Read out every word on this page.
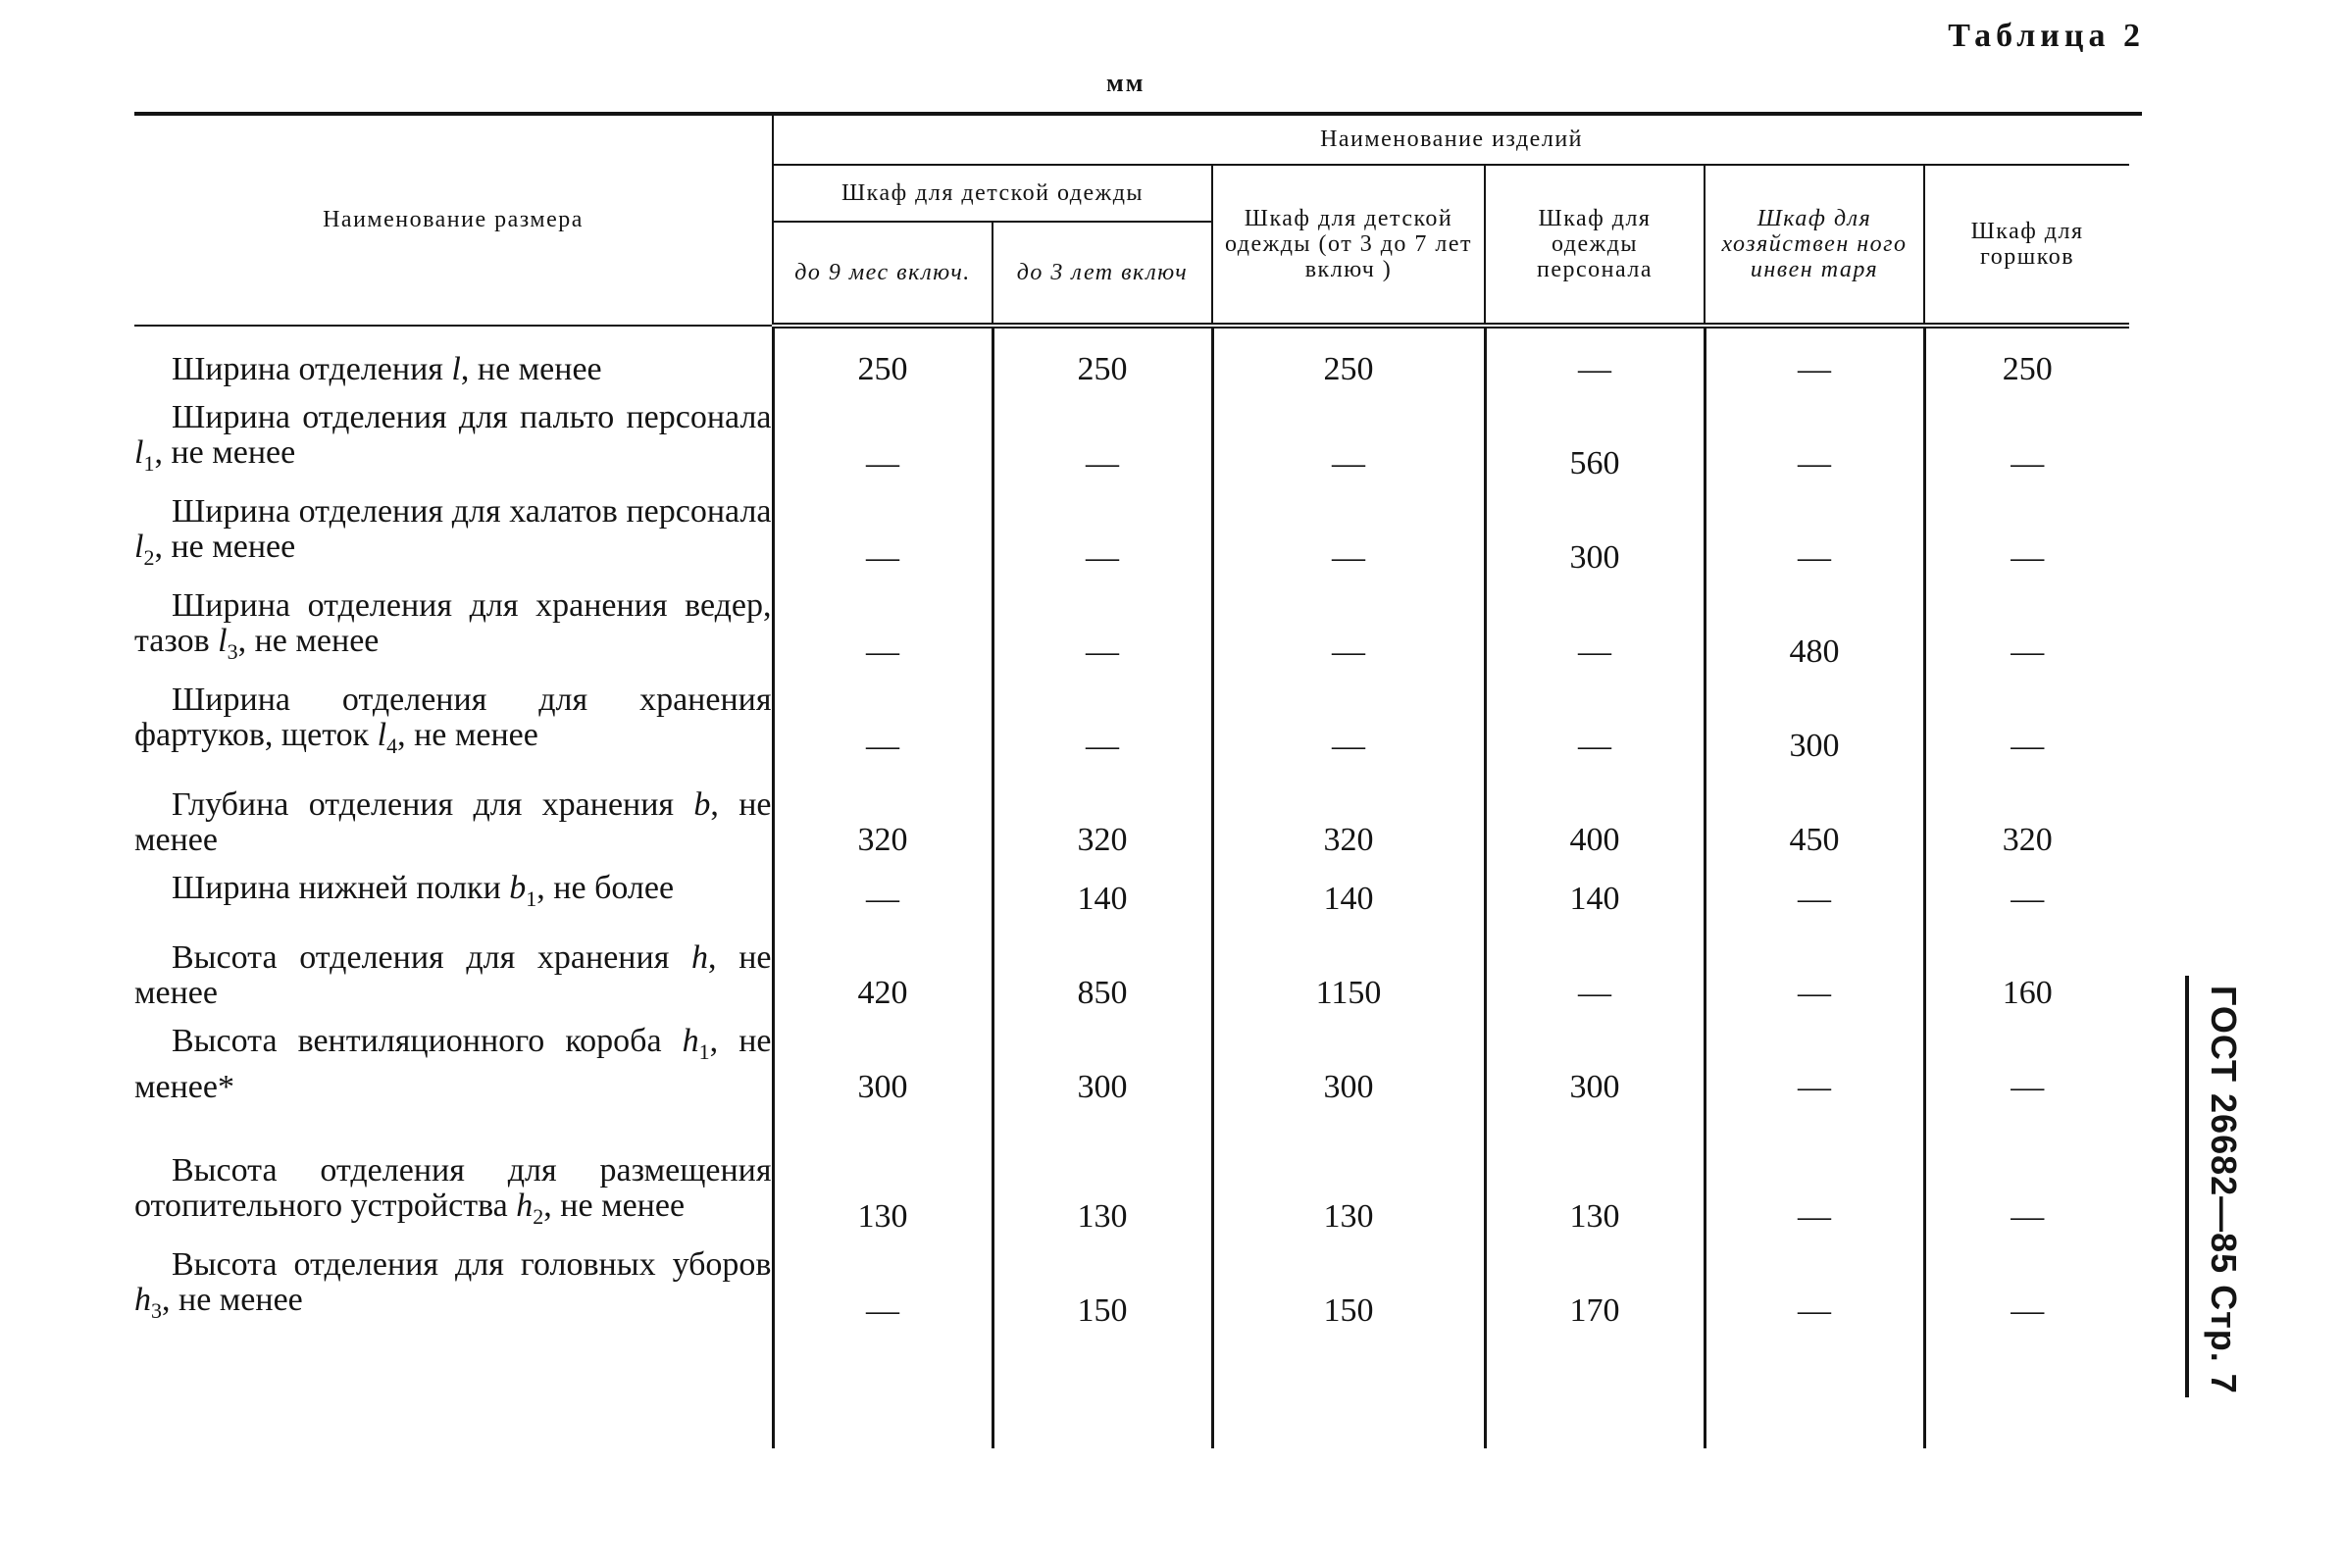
Таблица 2
мм
Наименование размера	Наименование изделий					
	Шкаф для детской одежды		Шкаф для детской одежды (от 3 до 7 лет включ )	Шкаф для одежды персонала	Шкаф для хозяйствен ного инвен таря	Шкаф для горшков
	до 9 мес включ.	до 3 лет включ				

Ширина отделения l, не менее	250	250	250	—	—	250

Ширина отделения для пальто персонала $l_1$, не менее	—	—	—	560	—	—

Ширина отделения для халатов персонала $l_2$, не менее	—	—	—	300	—	—

Ширина отделения для хранения ведер, тазов $l_3$, не менее	—	—	—	—	480	—

Ширина отделения для хранения фартуков, щеток $l_4$, не менее	—	—	—	—	300	—

Глубина отделения для хранения b, не менее	320	320	320	400	450	320

Ширина нижней полки $b_1$, не более	—	140	140	140	—	—

Высота отделения для хранения h, не менее	420	850	1150	—	—	160

Высота вентиляционного короба $h_1$, не менее*	300	300	300	300	—	—

Высота отделения для размещения отопительного устройства $h_2$, не менее	130	130	130	130	—	—

Высота отделения для головных уборов $h_3$, не менее	—	150	150	170	—	—
							ГОСТ 26682—85 Стр. 7
